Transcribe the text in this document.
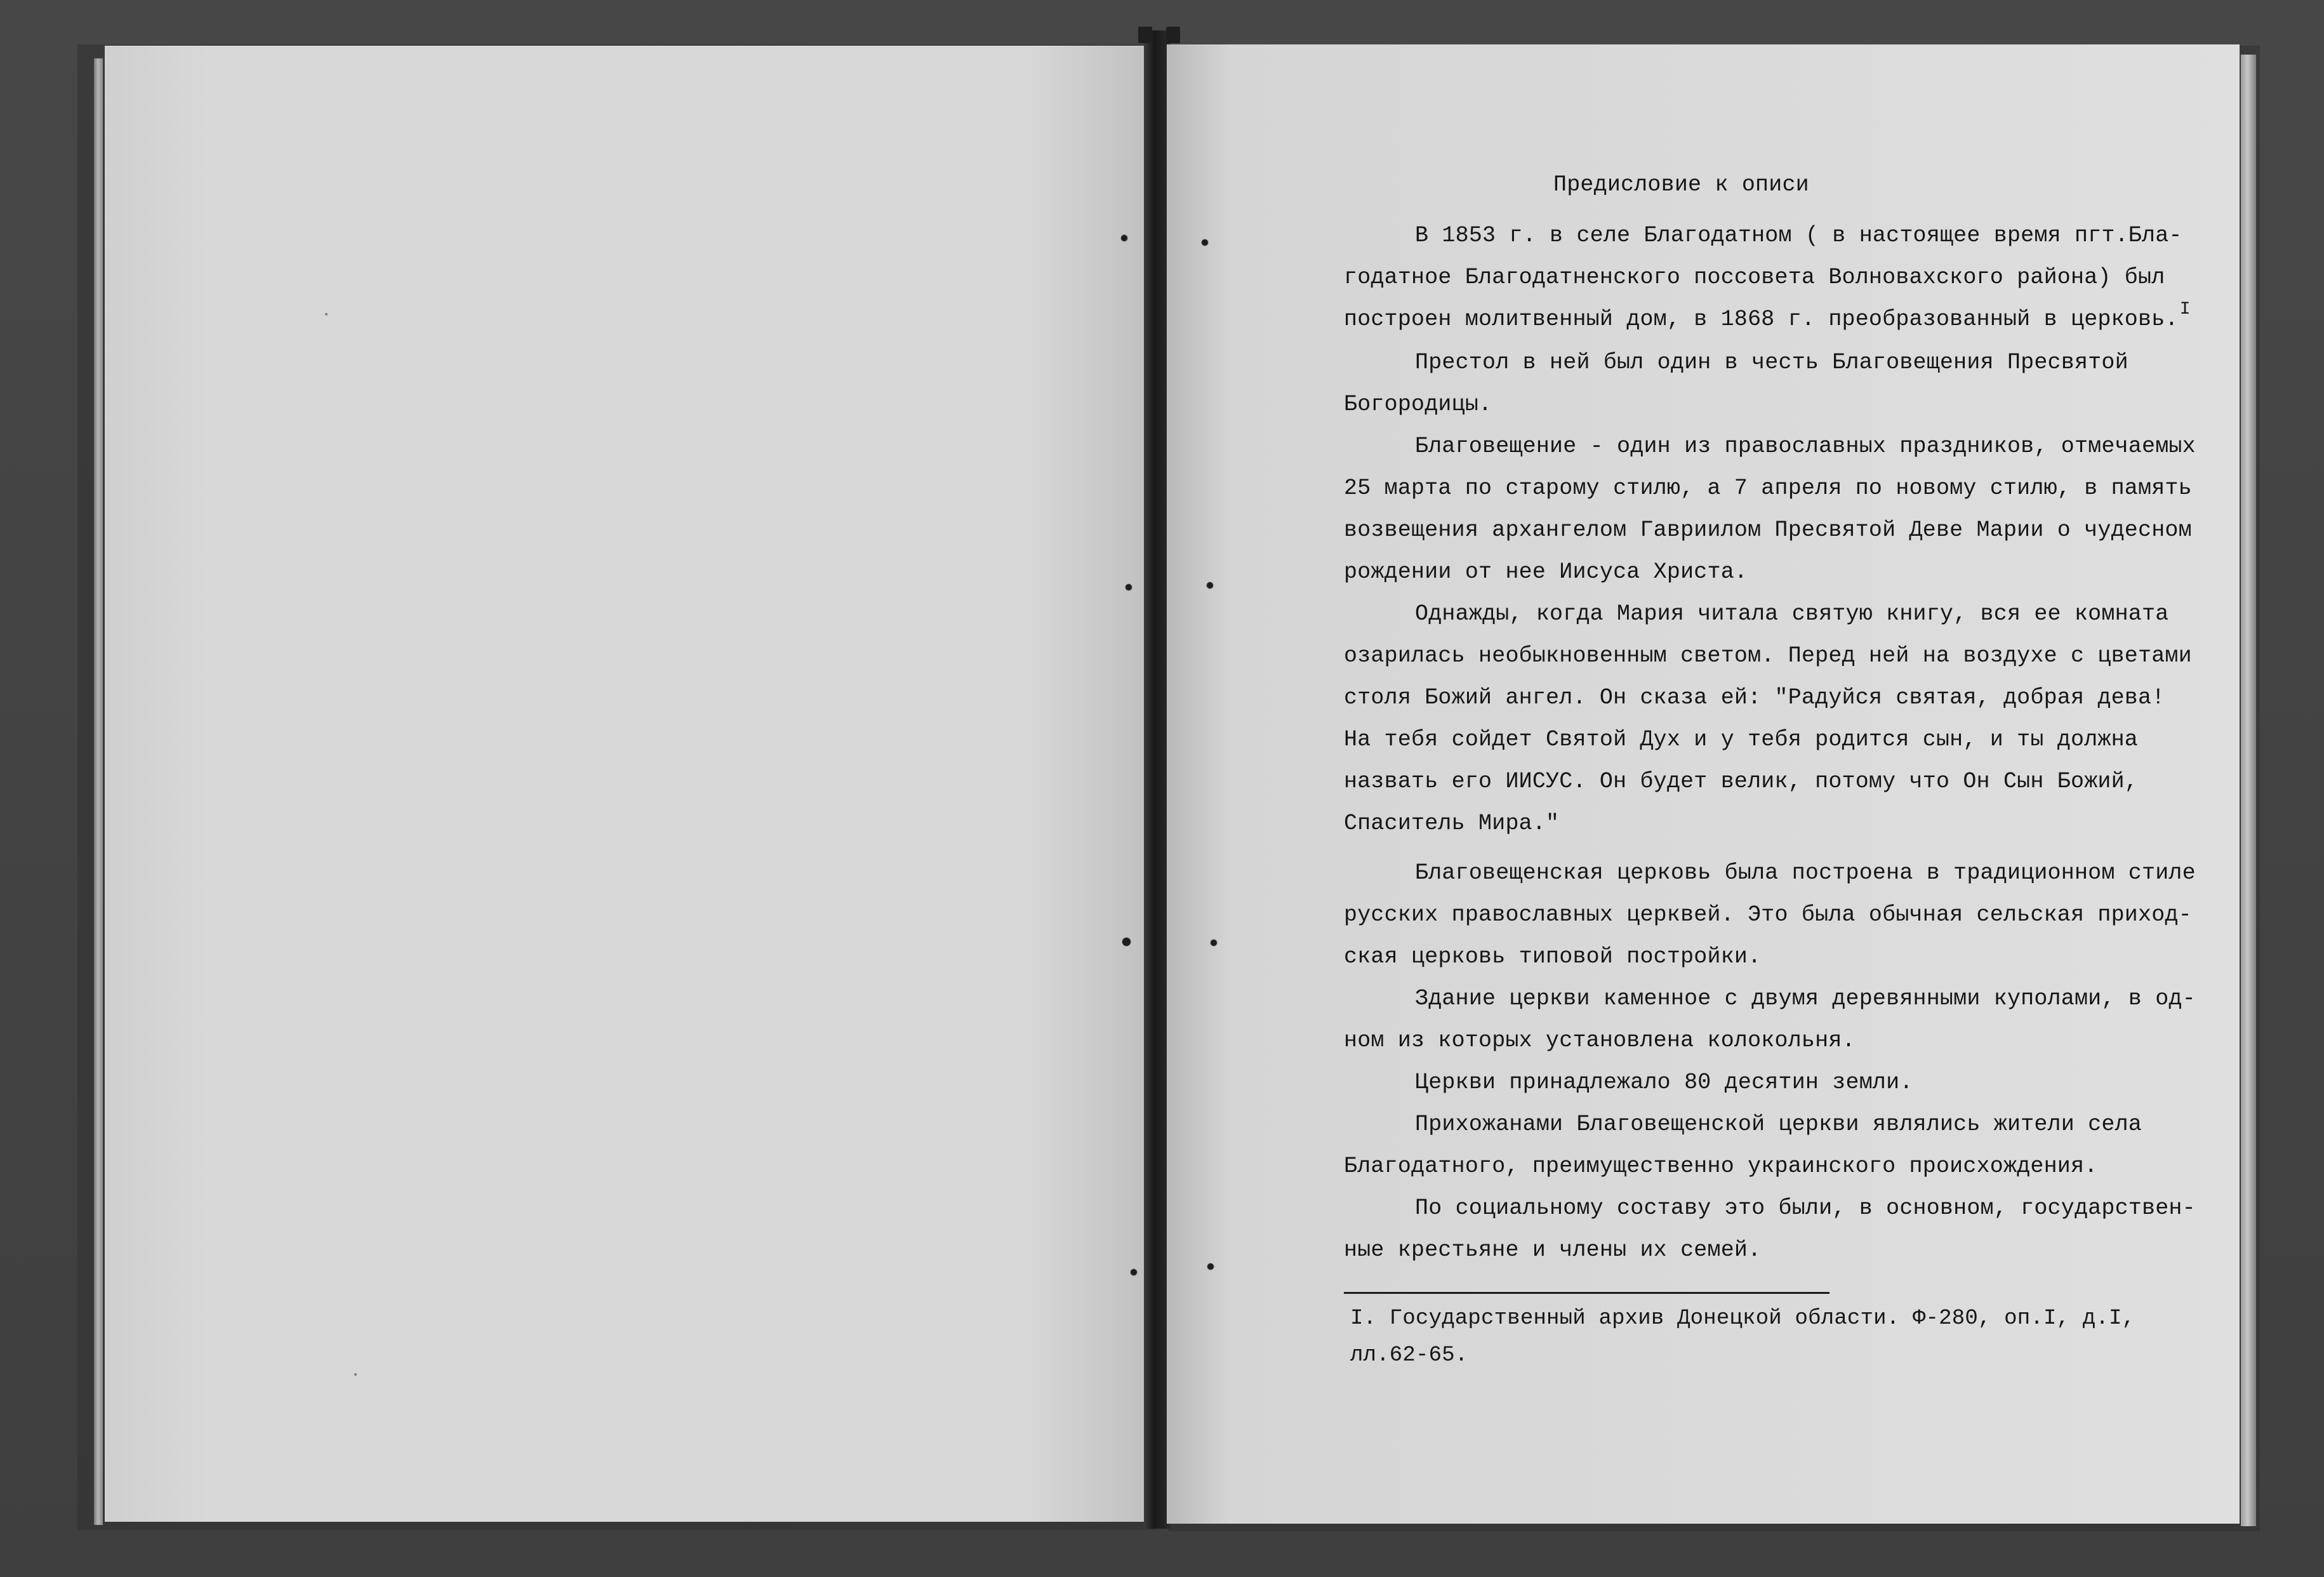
Предисловие к описи
В 1853 г. в селе Благодатном ( в настоящее время пгт.Бла-
годатное Благодатненского поссовета Волновахского района) был
построен молитвенный дом, в 1868 г. преобразованный в церковь.$^I$
Престол в ней был один в честь Благовещения Пресвятой
Богородицы.
Благовещение - один из православных праздников, отмечаемых
25 марта по старому стилю, а 7 апреля по новому стилю, в память
возвещения архангелом Гавриилом Пресвятой Деве Марии о чудесном
рождении от нее Иисуса Христа.
Однажды, когда Мария читала святую книгу, вся ее комната
озарилась необыкновенным светом. Перед ней на воздухе с цветами
столя Божий ангел. Он сказа ей: "Радуйся святая, добрая дева!
На тебя сойдет Святой Дух и у тебя родится сын, и ты должна
назвать его ИИСУС. Он будет велик, потому что Он Сын Божий,
Спаситель Мира."
Благовещенская церковь была построена в традиционном стиле
русских православных церквей. Это была обычная сельская приход-
ская церковь типовой постройки.
Здание церкви каменное с двумя деревянными куполами, в од-
ном из которых установлена колокольня.
Церкви принадлежало 80 десятин земли.
Прихожанами Благовещенской церкви являлись жители села
Благодатного, преимущественно украинского происхождения.
По социальному составу это были, в основном, государствен-
ные крестьяне и члены их семей.
I. Государственный архив Донецкой области. Ф-280, оп.I, д.I,
лл.62-65.
